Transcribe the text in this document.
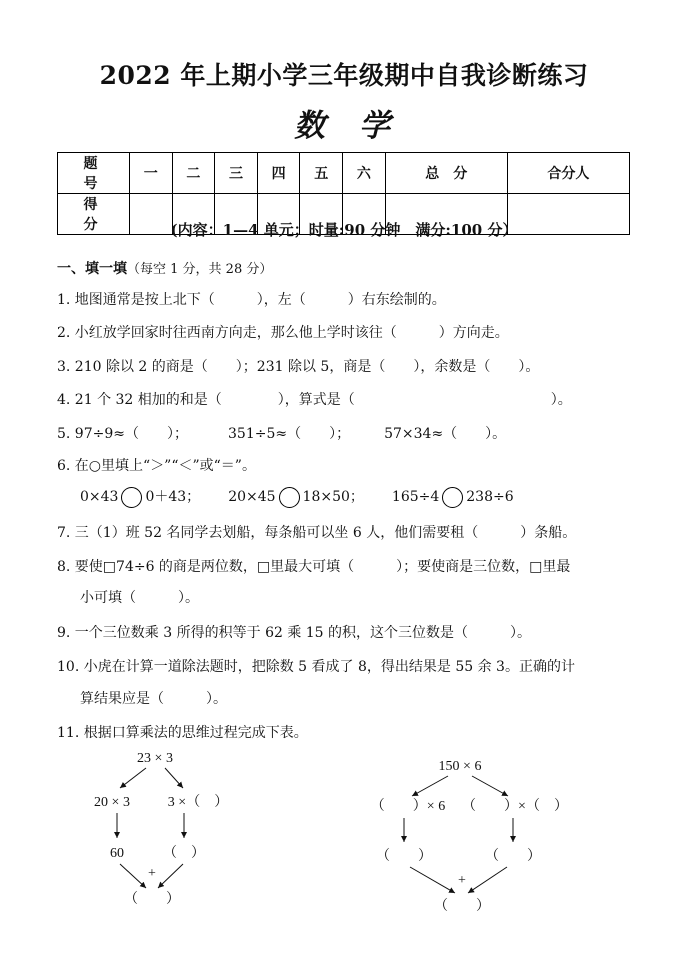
2022 年上期小学三年级期中自我诊断练习
数学
题　号	一	二	三	四	五	六	总　分	合分人
得　分									(内容：1—4 单元；时量:90 分钟　满分:100 分）
一、填一填（每空 1 分，共 28 分）
1. 地图通常是按上北下（　　　），左（　　　）右东绘制的。
2. 小红放学回家时往西南方向走，那么他上学时该往（　　　）方向走。
3. 210 除以 2 的商是（　　）；231 除以 5，商是（　　），余数是（　　）。
4. 21 个 32 相加的和是（　　　　），算式是（　　　　　　　　　　　　　　）。
5. 97÷9≈（　　）；	351÷5≈（　　）； 57×34≈（　　）。
6. 在○里填上“＞”“＜”或“＝”。
0×43 0＋43； 20×45 18×50； 165÷4 238÷6
7. 三（1）班 52 名同学去划船，每条船可以坐 6 人，他们需要租（　　　）条船。
8. 要使□74÷6 的商是两位数，□里最大可填（　　　）；要使商是三位数，□里最
小可填（　　　）。
9. 一个三位数乘 3 所得的积等于 62 乘 15 的积，这个三位数是（　　　）。
10. 小虎在计算一道除法题时，把除数 5 看成了 8，得出结果是 55 余 3。正确的计
算结果应是（　　　）。
11. 根据口算乘法的思维过程完成下表。
23 × 3
20 × 3	3 ×（　）
60	（　）
+
（　　）
150 × 6
（　　）× 6 （　　）×（　）
（　　）	（　　）
+
（　　）
